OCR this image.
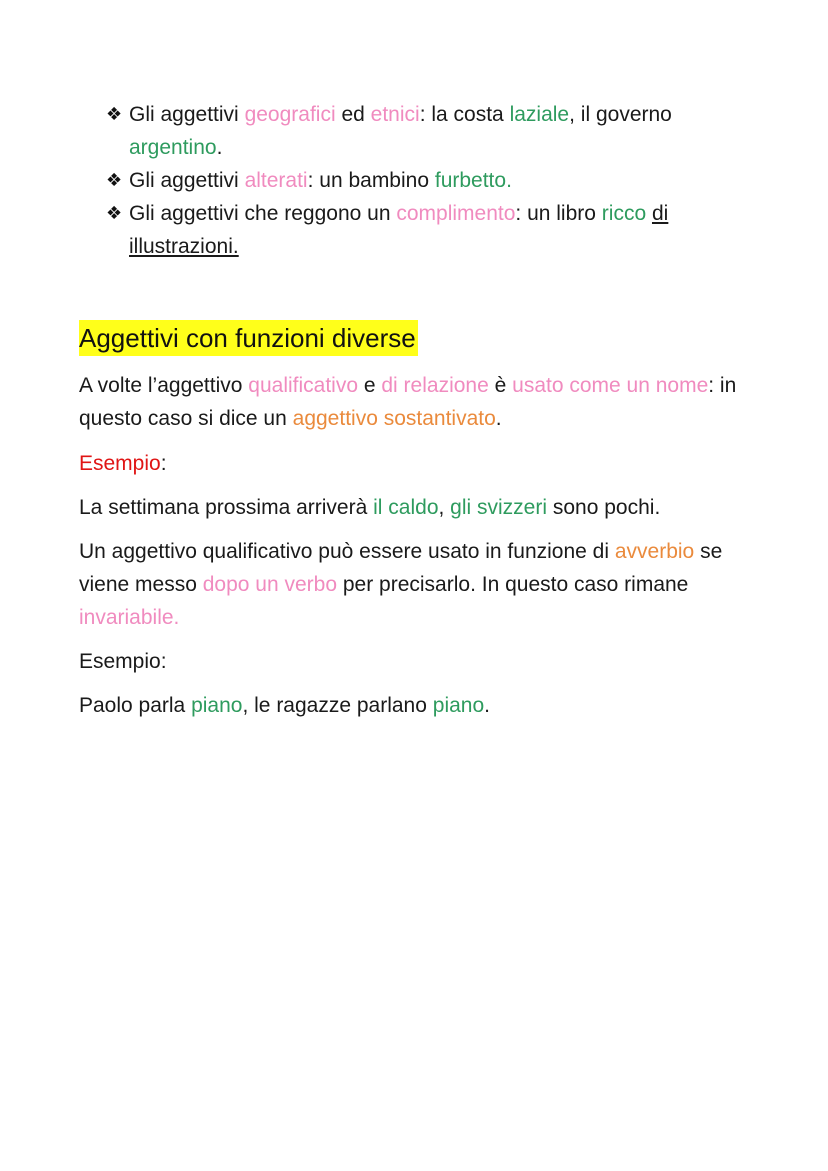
❖ Gli aggettivi geografici ed etnici: la costa laziale, il governo argentino.
❖ Gli aggettivi alterati: un bambino furbetto.
❖ Gli aggettivi che reggono un complimento: un libro ricco di illustrazioni.
Aggettivi con funzioni diverse

A volte l’aggettivo qualificativo e di relazione è usato come un nome: in questo caso si dice un aggettivo sostantivato.

Esempio:

La settimana prossima arriverà il caldo, gli svizzeri sono pochi.

Un aggettivo qualificativo può essere usato in funzione di avverbio se viene messo dopo un verbo per precisarlo. In questo caso rimane invariabile.

Esempio:

Paolo parla piano, le ragazze parlano piano.
